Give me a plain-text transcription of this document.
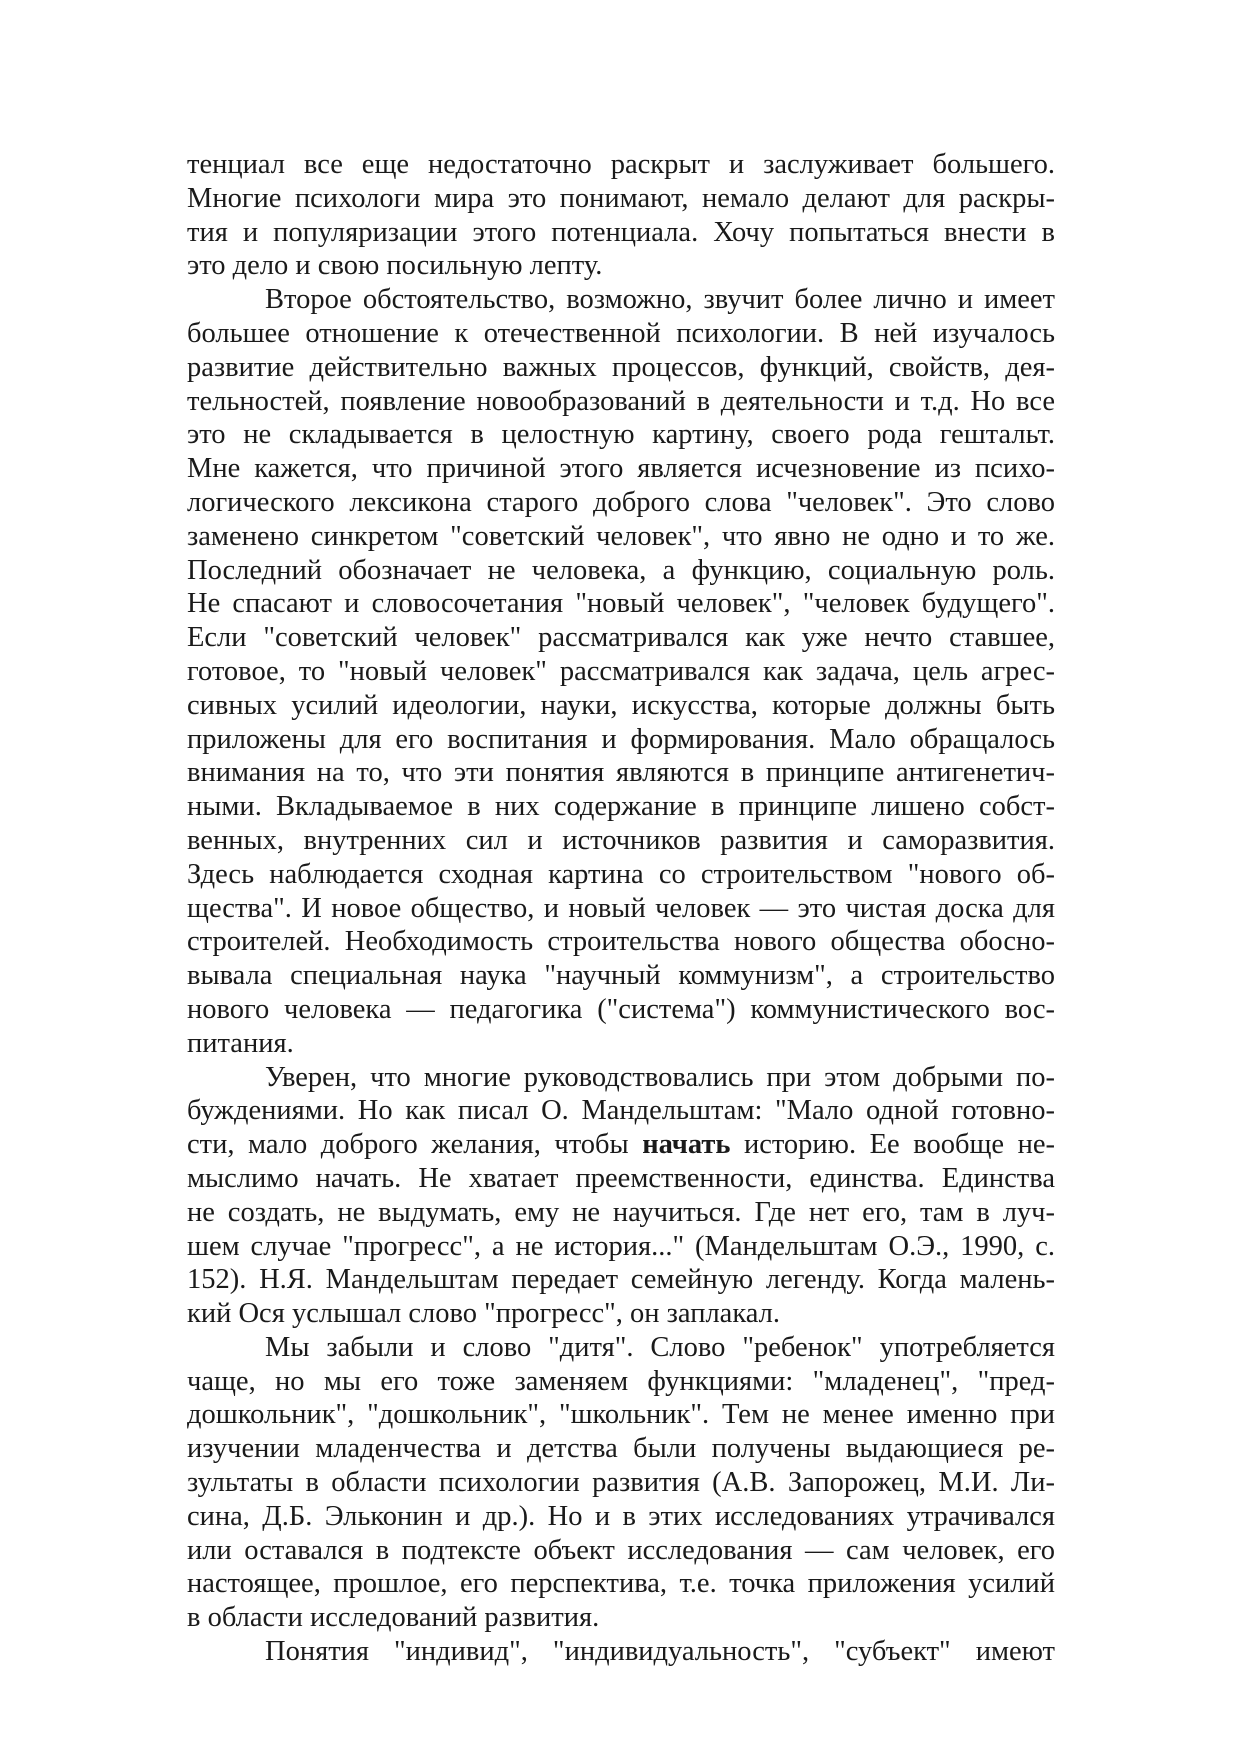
тенциал все еще недостаточно раскрыт и заслуживает большего.
Многие психологи мира это понимают, немало делают для раскры-
тия и популяризации этого потенциала. Хочу попытаться внести в
это дело и свою посильную лепту.
Второе обстоятельство, возможно, звучит более лично и имеет
большее отношение к отечественной психологии. В ней изучалось
развитие действительно важных процессов, функций, свойств, дея-
тельностей, появление новообразований в деятельности и т.д. Но все
это не складывается в целостную картину, своего рода гештальт.
Мне кажется, что причиной этого является исчезновение из психо-
логического лексикона старого доброго слова "человек". Это слово
заменено синкретом "советский человек", что явно не одно и то же.
Последний обозначает не человека, а функцию, социальную роль.
Не спасают и словосочетания "новый человек", "человек будущего".
Если "советский человек" рассматривался как уже нечто ставшее,
готовое, то "новый человек" рассматривался как задача, цель агрес-
сивных усилий идеологии, науки, искусства, которые должны быть
приложены для его воспитания и формирования. Мало обращалось
внимания на то, что эти понятия являются в принципе антигенетич-
ными. Вкладываемое в них содержание в принципе лишено собст-
венных, внутренних сил и источников развития и саморазвития.
Здесь наблюдается сходная картина со строительством "нового об-
щества". И новое общество, и новый человек — это чистая доска для
строителей. Необходимость строительства нового общества обосно-
вывала специальная наука "научный коммунизм", а строительство
нового человека — педагогика ("система") коммунистического вос-
питания.
Уверен, что многие руководствовались при этом добрыми по-
буждениями. Но как писал О. Мандельштам: "Мало одной готовно-
сти, мало доброго желания, чтобы начать историю. Ее вообще не-
мыслимо начать. Не хватает преемственности, единства. Единства
не создать, не выдумать, ему не научиться. Где нет его, там в луч-
шем случае "прогресс", а не история..." (Мандельштам О.Э., 1990, с.
152). Н.Я. Мандельштам передает семейную легенду. Когда малень-
кий Ося услышал слово "прогресс", он заплакал.
Мы забыли и слово "дитя". Слово "ребенок" употребляется
чаще, но мы его тоже заменяем функциями: "младенец", "пред-
дошкольник", "дошкольник", "школьник". Тем не менее именно при
изучении младенчества и детства были получены выдающиеся ре-
зультаты в области психологии развития (А.В. Запорожец, М.И. Ли-
сина, Д.Б. Эльконин и др.). Но и в этих исследованиях утрачивался
или оставался в подтексте объект исследования — сам человек, его
настоящее, прошлое, его перспектива, т.е. точка приложения усилий
в области исследований развития.
Понятия "индивид", "индивидуальность", "субъект" имеют
